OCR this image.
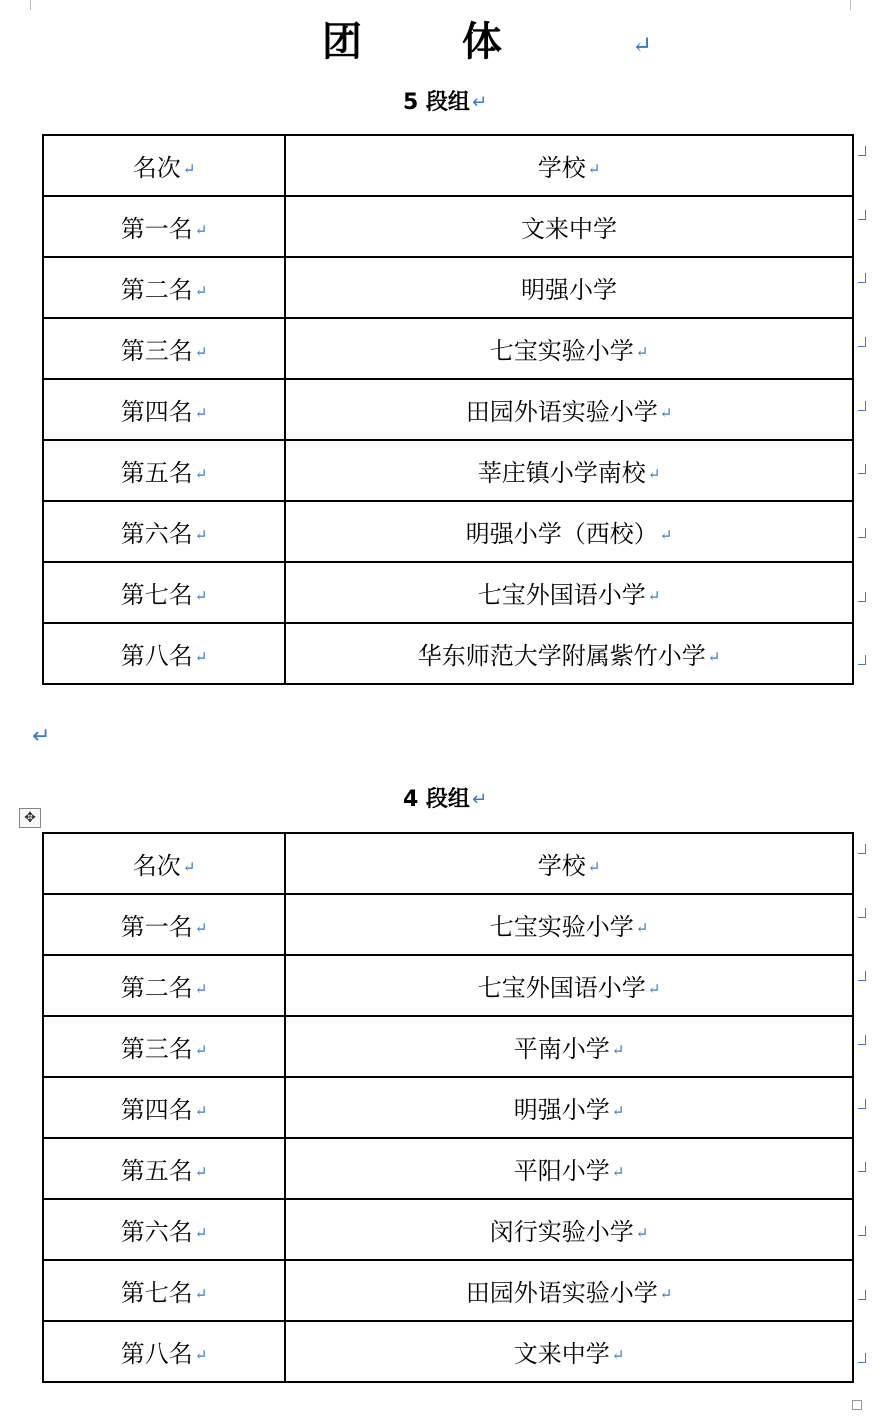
团体 ↵
5 段组 ↵
名次 ↵	学校 ↵
第一名 ↵	文来中学
第二名 ↵	明强小学
第三名 ↵	七宝实验小学 ↵
第四名 ↵	田园外语实验小学 ↵
第五名 ↵	莘庄镇小学南校 ↵
第六名 ↵	明强小学（西校） ↵
第七名 ↵	七宝外国语小学 ↵
第八名 ↵	华东师范大学附属紫竹小学 ↵
↵
4 段组 ↵
✥
名次 ↵	学校 ↵
第一名 ↵	七宝实验小学 ↵
第二名 ↵	七宝外国语小学 ↵
第三名 ↵	平南小学 ↵
第四名 ↵	明强小学 ↵
第五名 ↵	平阳小学 ↵
第六名 ↵	闵行实验小学 ↵
第七名 ↵	田园外语实验小学 ↵
第八名 ↵	文来中学 ↵
